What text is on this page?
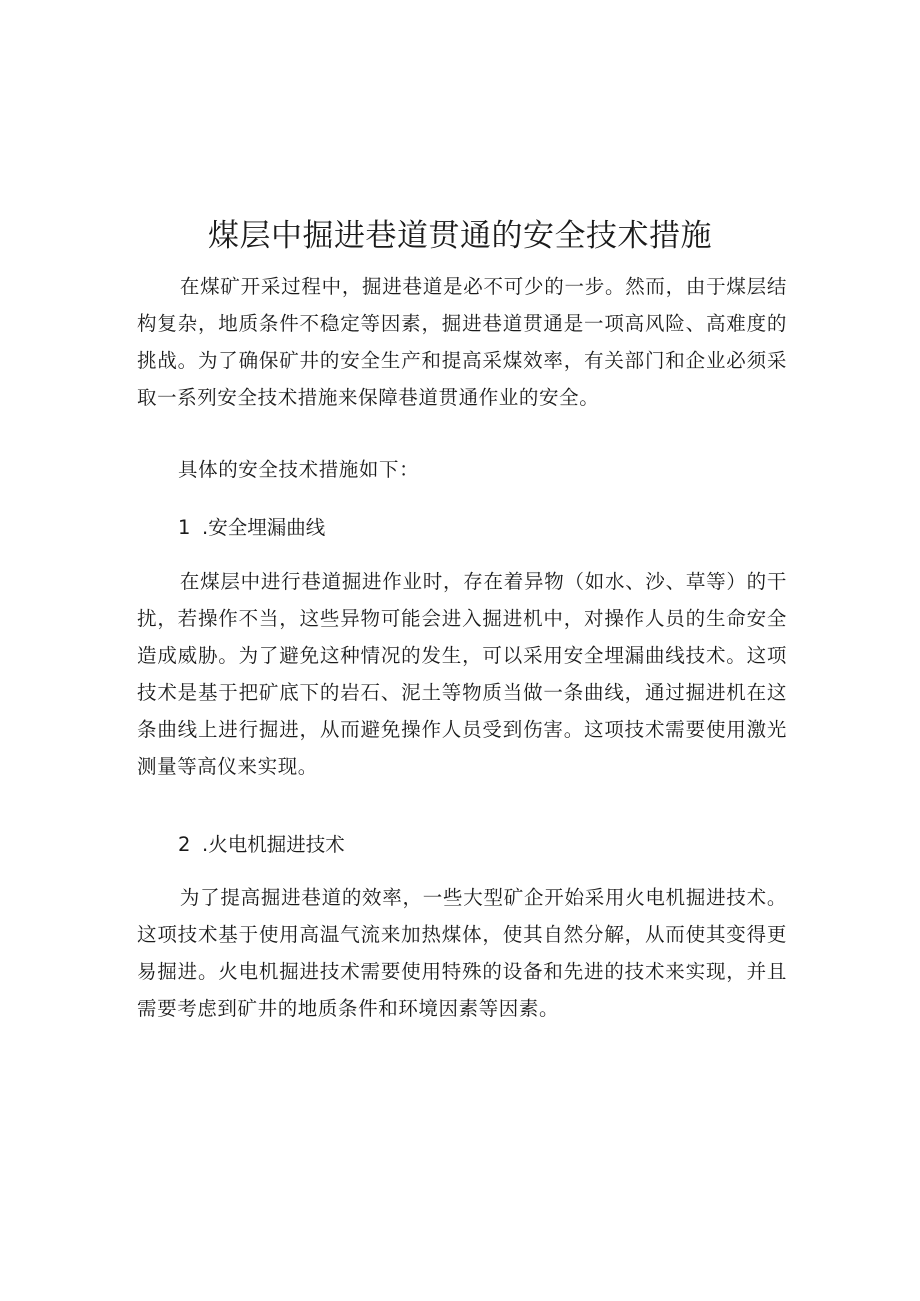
煤层中掘进巷道贯通的安全技术措施

在煤矿开采过程中，掘进巷道是必不可少的一步。然而，由于煤层结构复杂，地质条件不稳定等因素，掘进巷道贯通是一项高风险、高难度的挑战。为了确保矿井的安全生产和提高采煤效率，有关部门和企业必须采取一系列安全技术措施来保障巷道贯通作业的安全。

具体的安全技术措施如下：

1 .安全埋漏曲线

在煤层中进行巷道掘进作业时，存在着异物（如水、沙、草等）的干扰，若操作不当，这些异物可能会进入掘进机中，对操作人员的生命安全造成威胁。为了避免这种情况的发生，可以采用安全埋漏曲线技术。这项技术是基于把矿底下的岩石、泥土等物质当做一条曲线，通过掘进机在这条曲线上进行掘进，从而避免操作人员受到伤害。这项技术需要使用激光测量等高仪来实现。

2 .火电机掘进技术

为了提高掘进巷道的效率，一些大型矿企开始采用火电机掘进技术。这项技术基于使用高温气流来加热煤体，使其自然分解，从而使其变得更易掘进。火电机掘进技术需要使用特殊的设备和先进的技术来实现，并且需要考虑到矿井的地质条件和环境因素等因素。
